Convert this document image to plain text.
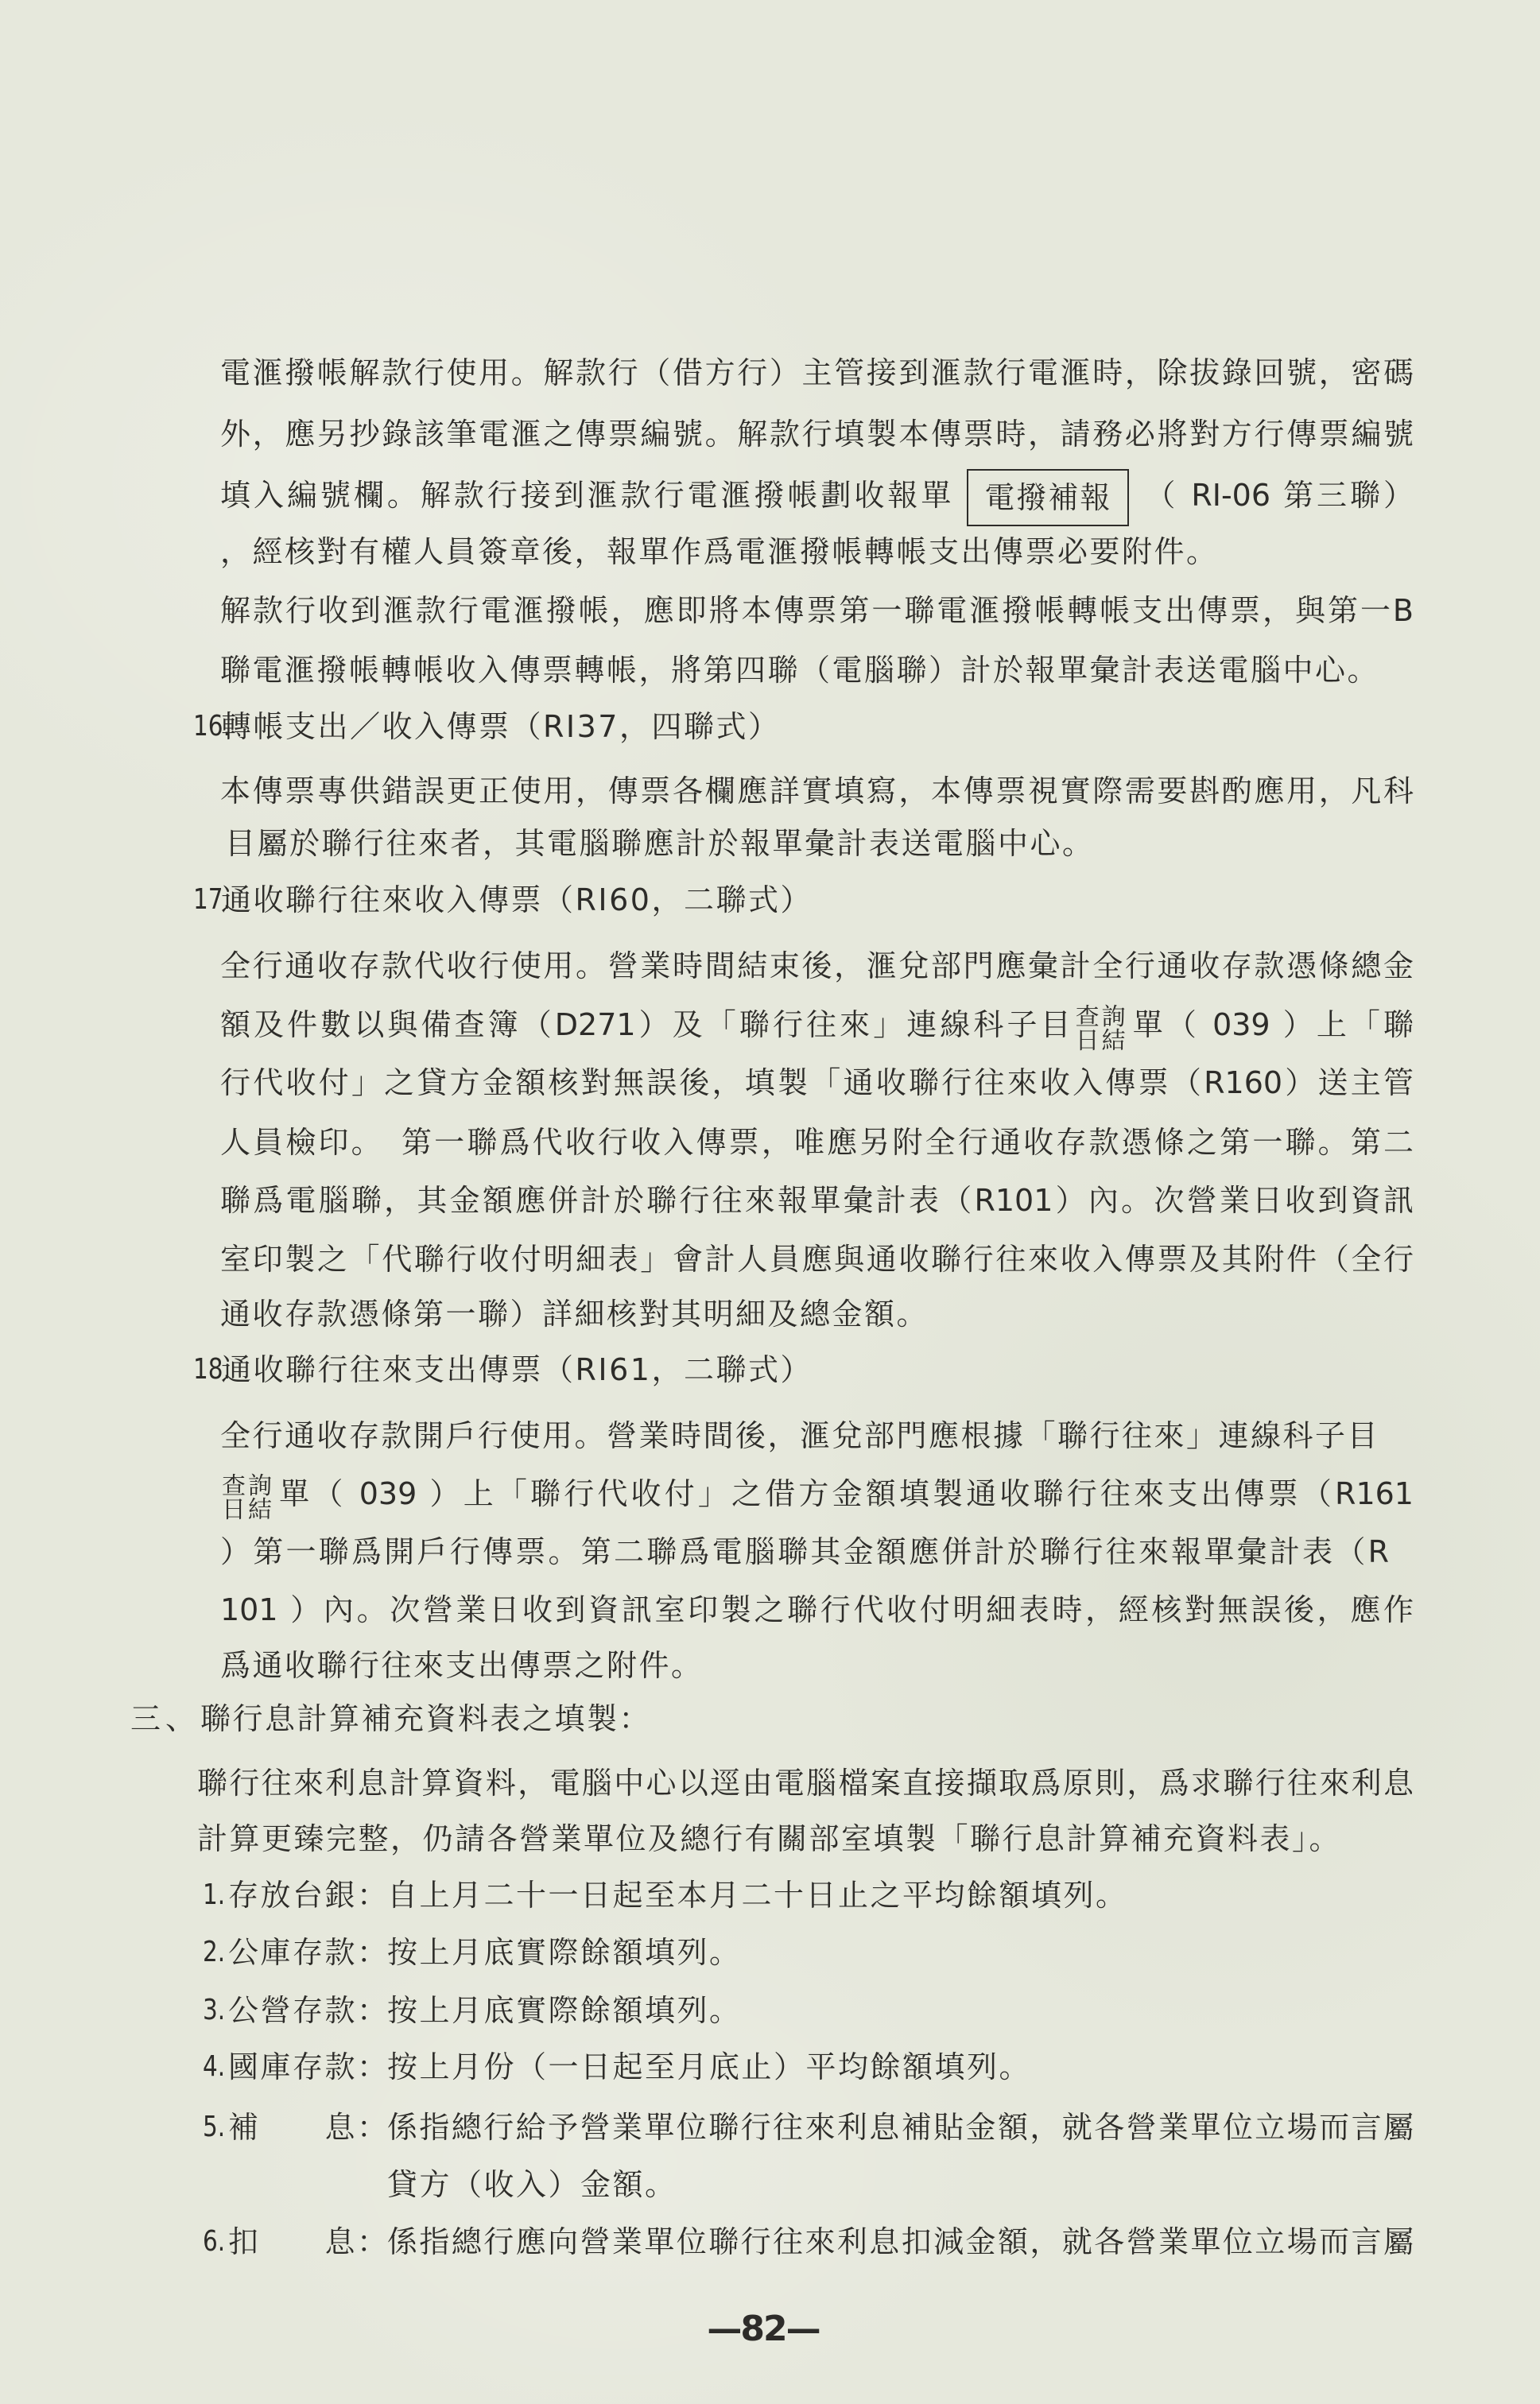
電滙撥帳解款行使用。解款行（借方行）主管接到滙款行電滙時，除拔錄回號，密碼
外，應另抄錄該筆電滙之傳票編號。解款行填製本傳票時，請務必將對方行傳票編號
填入編號欄。解款行接到滙款行電滙撥帳劃收報單 電撥補報 （ RI-06 第三聯）
，經核對有權人員簽章後，報單作爲電滙撥帳轉帳支出傳票必要附件。
解款行收到滙款行電滙撥帳，應即將本傳票第一聯電滙撥帳轉帳支出傳票，與第一B
聯電滙撥帳轉帳收入傳票轉帳，將第四聯（電腦聯）計於報單彙計表送電腦中心。
16.
轉帳支出／收入傳票（RI37，四聯式）
本傳票專供錯誤更正使用，傳票各欄應詳實填寫，本傳票視實際需要斟酌應用，凡科
目屬於聯行往來者，其電腦聯應計於報單彙計表送電腦中心。
17.
通收聯行往來收入傳票（RI60，二聯式）
全行通收存款代收行使用。營業時間結束後，滙兌部門應彙計全行通收存款憑條總金
額及件數以與備查簿（D271）及「聯行往來」連線科子目 查詢
日結 單（ 039 ）上「聯
行代收付」之貸方金額核對無誤後，填製「通收聯行往來收入傳票（R160）送主管
人員檢印。　第一聯爲代收行收入傳票，唯應另附全行通收存款憑條之第一聯。第二
聯爲電腦聯，其金額應併計於聯行往來報單彙計表（R101）內。次營業日收到資訊
室印製之「代聯行收付明細表」會計人員應與通收聯行往來收入傳票及其附件（全行
通收存款憑條第一聯）詳細核對其明細及總金額。
18.
通收聯行往來支出傳票（RI61，二聯式）
全行通收存款開戶行使用。營業時間後，滙兌部門應根據「聯行往來」連線科子目
查詢
日結 單（ 039 ）上「聯行代收付」之借方金額填製通收聯行往來支出傳票（R161
）第一聯爲開戶行傳票。第二聯爲電腦聯其金額應併計於聯行往來報單彙計表（R
101 ）內。次營業日收到資訊室印製之聯行代收付明細表時，經核對無誤後，應作
爲通收聯行往來支出傳票之附件。
三、 聯行息計算補充資料表之填製：
聯行往來利息計算資料，電腦中心以逕由電腦檔案直接擷取爲原則，爲求聯行往來利息
計算更臻完整，仍請各營業單位及總行有關部室填製「聯行息計算補充資料表」。
1. 存放台銀 ：
自上月二十一日起至本月二十日止之平均餘額填列。
2. 公庫存款 ：
按上月底實際餘額填列。
3. 公營存款 ：
按上月底實際餘額填列。
4. 國庫存款 ：
按上月份（一日起至月底止）平均餘額填列。
5. 補　　息 ：
係指總行給予營業單位聯行往來利息補貼金額，就各營業單位立場而言屬
貸方（收入）金額。
6. 扣　　息 ：
係指總行應向營業單位聯行往來利息扣減金額，就各營業單位立場而言屬
—82—
